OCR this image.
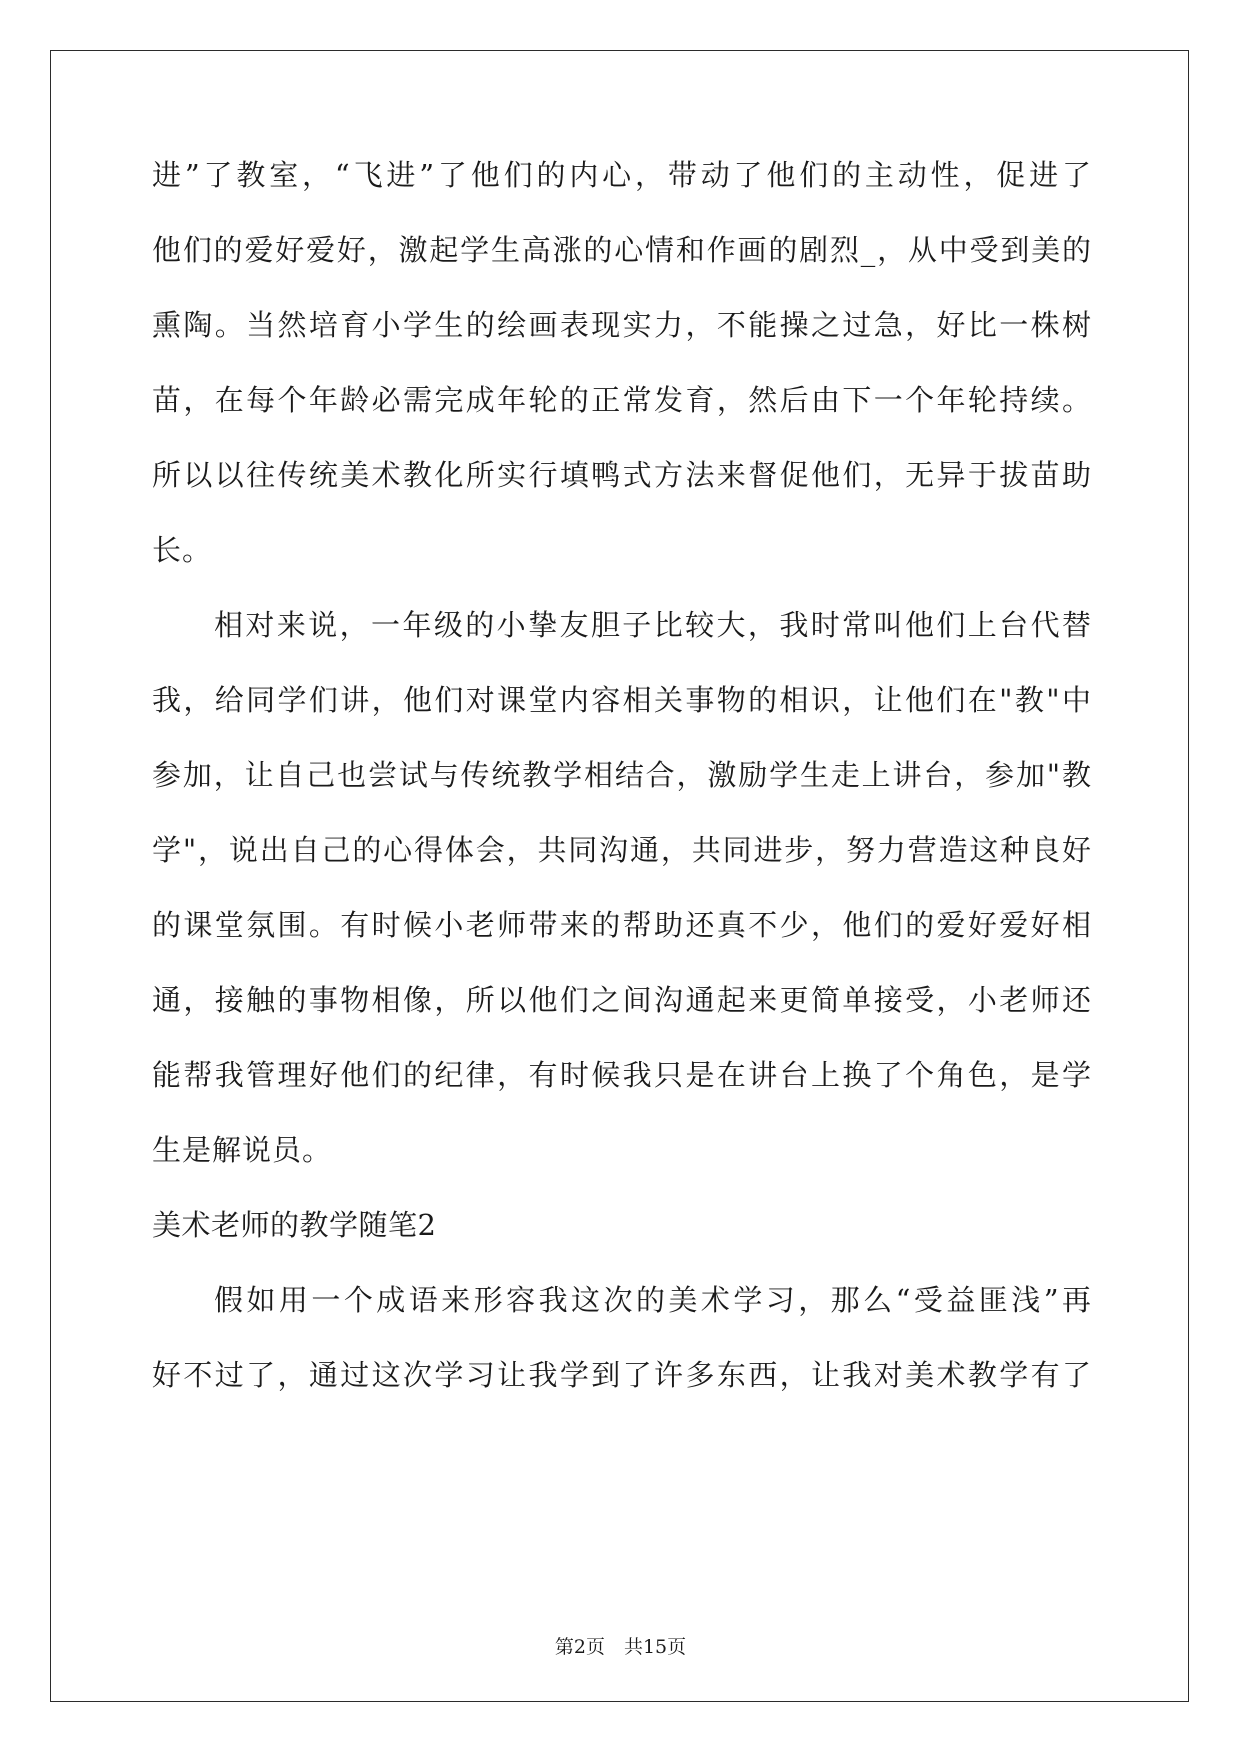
进”了教室，“飞进”了他们的内心，带动了他们的主动性，促进了
他们的爱好爱好，激起学生高涨的心情和作画的剧烈_，从中受到美的
熏陶。当然培育小学生的绘画表现实力，不能操之过急，好比一株树
苗，在每个年龄必需完成年轮的正常发育，然后由下一个年轮持续。
所以以往传统美术教化所实行填鸭式方法来督促他们，无异于拔苗助
长。
相对来说，一年级的小挚友胆子比较大，我时常叫他们上台代替
我，给同学们讲，他们对课堂内容相关事物的相识，让他们在"教"中
参加，让自己也尝试与传统教学相结合，激励学生走上讲台，参加"教
学"，说出自己的心得体会，共同沟通，共同进步，努力营造这种良好
的课堂氛围。有时候小老师带来的帮助还真不少，他们的爱好爱好相
通，接触的事物相像，所以他们之间沟通起来更简单接受，小老师还
能帮我管理好他们的纪律，有时候我只是在讲台上换了个角色，是学
生是解说员。
美术老师的教学随笔2
假如用一个成语来形容我这次的美术学习，那么“受益匪浅”再
好不过了，通过这次学习让我学到了许多东西，让我对美术教学有了
第2页　共15页
